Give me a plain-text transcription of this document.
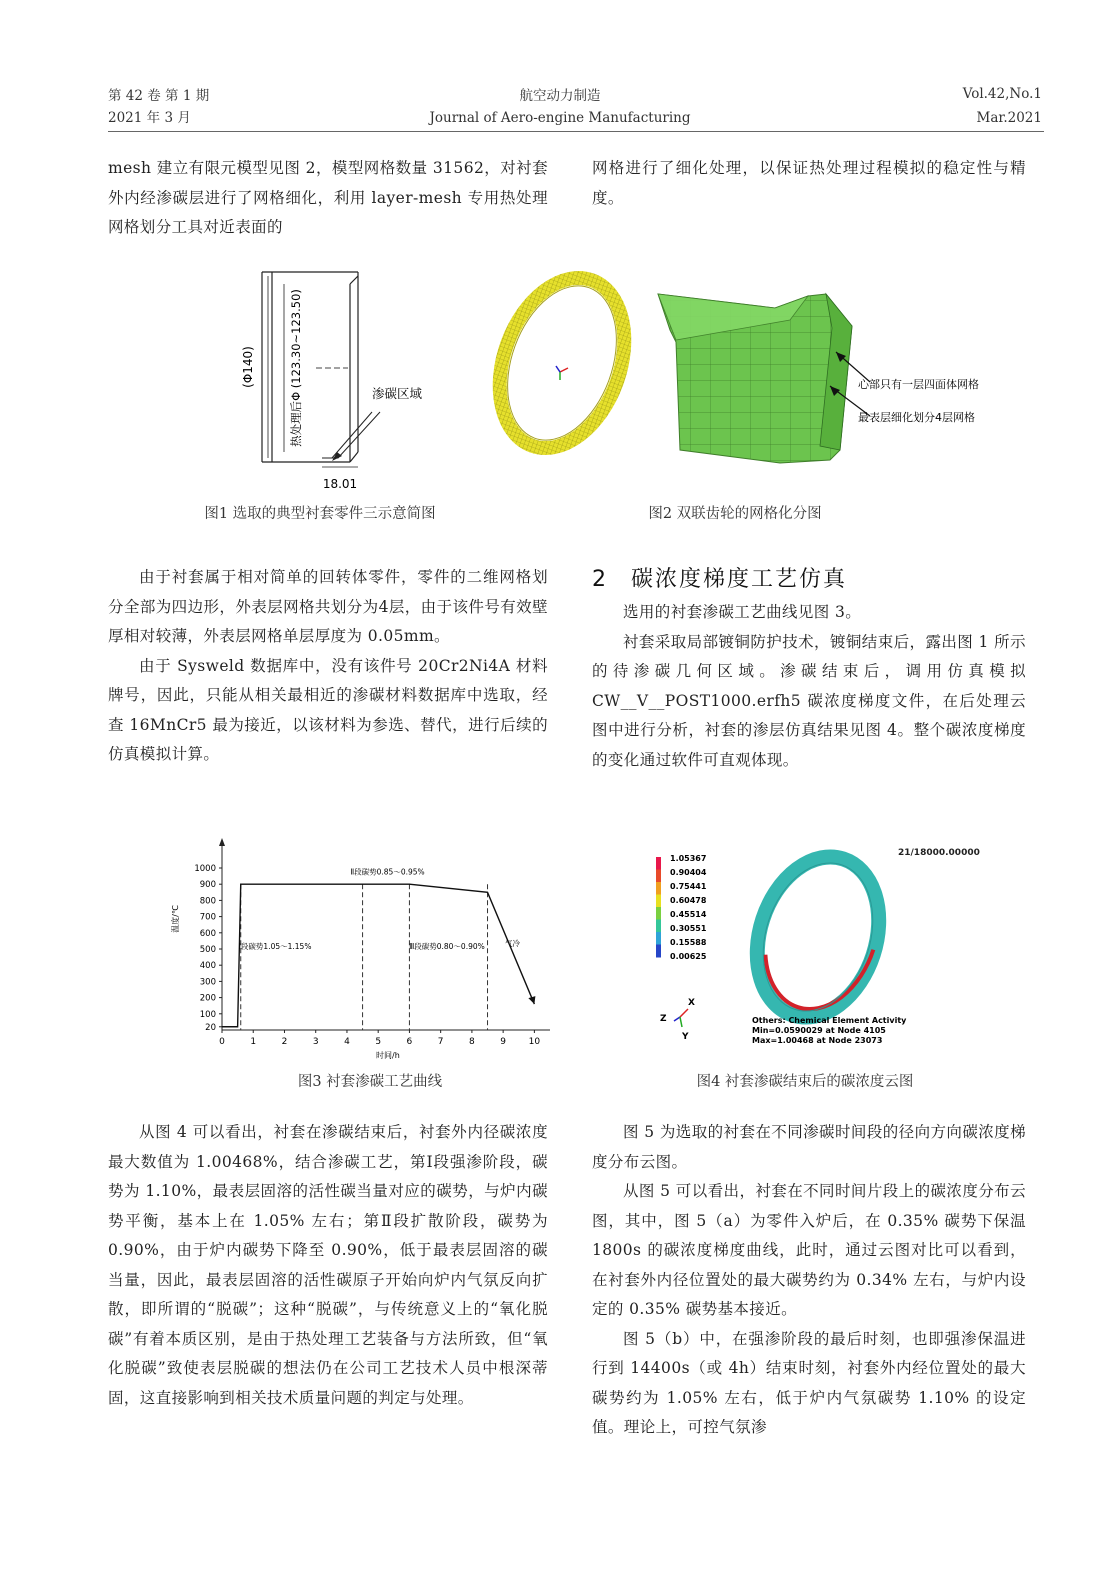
第 42 卷 第 1 期
2021 年 3 月
航空动力制造
Journal of Aero-engine Manufacturing
Vol.42,No.1
Mar.2021

mesh 建立有限元模型见图 2，模型网格数量 31562，对衬套外内经渗碳层进行了网格细化，利用 layer-mesh 专用热处理网格划分工具对近表面的

网格进行了细化处理，以保证热处理过程模拟的稳定性与精度。

(Φ140)	热处理后Φ (123.30~123.50)	渗碳区域
18.01
图1 选取的典型衬套零件三示意简图
心部只有一层四面体网格
最表层细化划分4层网格
图2 双联齿轮的网格化分图

由于衬套属于相对简单的回转体零件，零件的二维网格划分全部为四边形，外表层网格共划分为4层，由于该件号有效壁厚相对较薄，外表层网格单层厚度为 0.05mm。

由于 Sysweld 数据库中，没有该件号 20Cr2Ni4A 材料牌号，因此，只能从相关最相近的渗碳材料数据库中选取，经查 16MnCr5 最为接近，以该材料为参选、替代，进行后续的仿真模拟计算。

2 碳浓度梯度工艺仿真

选用的衬套渗碳工艺曲线见图 3。

衬套采取局部镀铜防护技术，镀铜结束后，露出图 1 所示的待渗碳几何区域。渗碳结束后，调用仿真模拟 CW__V__POST1000.erfh5 碳浓度梯度文件，在后处理云图中进行分析，衬套的渗层仿真结果见图 4。整个碳浓度梯度的变化通过软件可直观体现。

0	1	2	3	4	5	6	7	8	9	10
20
100
200
300
400
500
600
700
800
900
1000
时间/h
温度/℃
Ⅰ段碳势1.05～1.15%
Ⅱ段碳势0.85～0.95%
Ⅲ段碳势0.80～0.90%	气冷
图3 衬套渗碳工艺曲线
1.05367
0.90404
0.75441
0.60478
0.45514
0.30551
0.15588
0.00625
21/18000.00000
X
Z
Y
Others: Chemical Element Activity
Min=0.0590029 at Node 4105
Max=1.00468 at Node 23073
图4 衬套渗碳结束后的碳浓度云图

从图 4 可以看出，衬套在渗碳结束后，衬套外内径碳浓度最大数值为 1.00468%，结合渗碳工艺，第Ⅰ段强渗阶段，碳势为 1.10%，最表层固溶的活性碳当量对应的碳势，与炉内碳势平衡，基本上在 1.05% 左右；第Ⅱ段扩散阶段，碳势为 0.90%，由于炉内碳势下降至 0.90%，低于最表层固溶的碳当量，因此，最表层固溶的活性碳原子开始向炉内气氛反向扩散，即所谓的“脱碳”；这种“脱碳”，与传统意义上的“氧化脱碳”有着本质区别，是由于热处理工艺装备与方法所致，但“氧化脱碳”致使表层脱碳的想法仍在公司工艺技术人员中根深蒂固，这直接影响到相关技术质量问题的判定与处理。

图 5 为选取的衬套在不同渗碳时间段的径向方向碳浓度梯度分布云图。

从图 5 可以看出，衬套在不同时间片段上的碳浓度分布云图，其中，图 5（a）为零件入炉后，在 0.35% 碳势下保温 1800s 的碳浓度梯度曲线，此时，通过云图对比可以看到，在衬套外内径位置处的最大碳势约为 0.34% 左右，与炉内设定的 0.35% 碳势基本接近。

图 5（b）中，在强渗阶段的最后时刻，也即强渗保温进行到 14400s（或 4h）结束时刻，衬套外内经位置处的最大碳势约为 1.05% 左右，低于炉内气氛碳势 1.10% 的设定值。理论上，可控气氛渗
